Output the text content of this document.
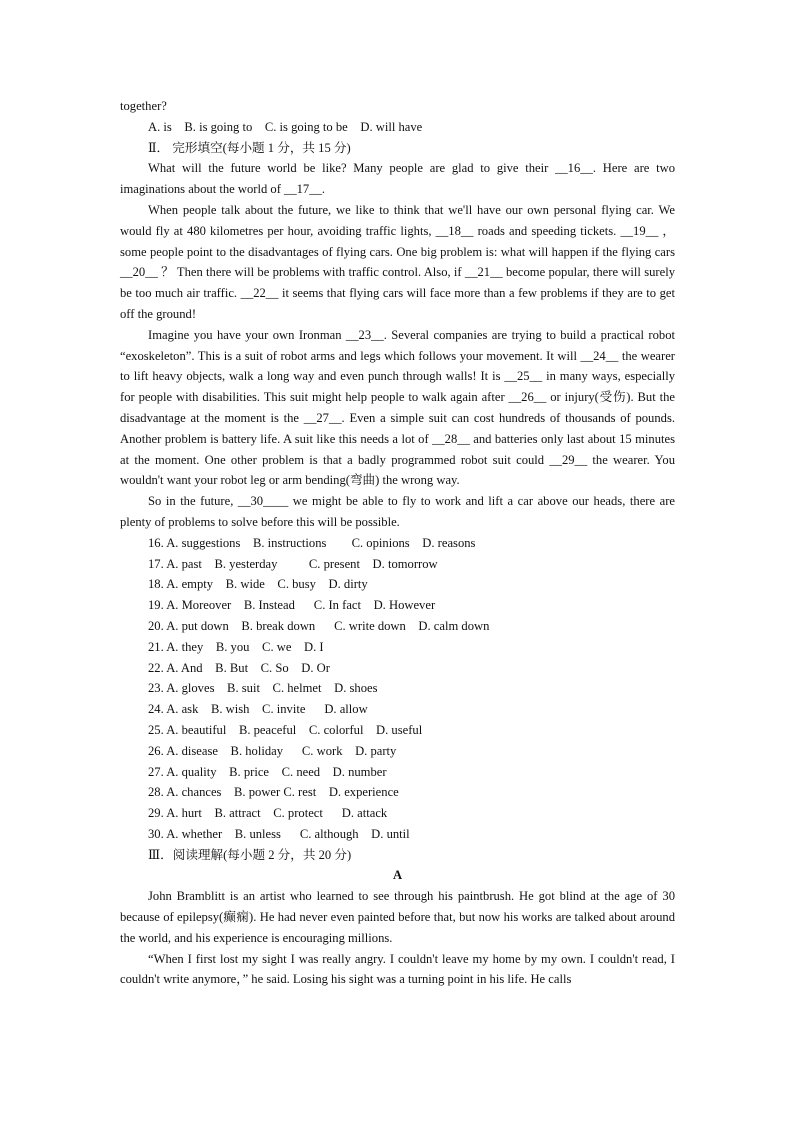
together?
A. is    B. is going to    C. is going to be    D. will have
Ⅱ． 完形填空(每小题 1 分，共 15 分)

What will the future world be like? Many people are glad to give their __16__. Here are two imaginations about the world of __17__.

When people talk about the future, we like to think that we'll have our own personal flying car. We would fly at 480 kilometres per hour, avoiding traffic lights, __18__ roads and speeding tickets. __19__ ， some people point to the disadvantages of flying cars. One big problem is: what will happen if the flying cars __20__ ？ Then there will be problems with traffic control. Also, if __21__ become popular, there will surely be too much air traffic. __22__ it seems that flying cars will face more than a few problems if they are to get off the ground!

Imagine you have your own Ironman __23__. Several companies are trying to build a practical robot “exoskeleton”. This is a suit of robot arms and legs which follows your movement. It will __24__ the wearer to lift heavy objects, walk a long way and even punch through walls! It is __25__ in many ways, especially for people with disabilities. This suit might help people to walk again after __26__ or injury(受伤). But the disadvantage at the moment is the __27__. Even a simple suit can cost hundreds of thousands of pounds. Another problem is battery life. A suit like this needs a lot of __28__ and batteries only last about 15 minutes at the moment. One other problem is that a badly programmed robot suit could __29__ the wearer. You wouldn't want your robot leg or arm bending(弯曲) the wrong way.

So in the future, __30____ we might be able to fly to work and lift a car above our heads, there are plenty of problems to solve before this will be possible.

16. A. suggestions    B. instructions        C. opinions    D. reasons
17. A. past    B. yesterday          C. present    D. tomorrow
18. A. empty    B. wide    C. busy    D. dirty
19. A. Moreover    B. Instead      C. In fact    D. However
20. A. put down    B. break down      C. write down    D. calm down
21. A. they    B. you    C. we    D. I
22. A. And    B. But    C. So    D. Or
23. A. gloves    B. suit    C. helmet    D. shoes
24. A. ask    B. wish    C. invite      D. allow
25. A. beautiful    B. peaceful    C. colorful    D. useful
26. A. disease    B. holiday      C. work    D. party
27. A. quality    B. price    C. need    D. number
28. A. chances    B. power C. rest    D. experience
29. A. hurt    B. attract    C. protect      D. attack
30. A. whether    B. unless      C. although    D. until
Ⅲ．阅读理解(每小题 2 分，共 20 分)
A

John Bramblitt is an artist who learned to see through his paintbrush. He got blind at the age of 30 because of epilepsy(癫痫). He had never even painted before that, but now his works are talked about around the world, and his experience is encouraging millions.

“When I first lost my sight I was really angry. I couldn't leave my home by my own. I couldn't read, I couldn't write anymore，” he said. Losing his sight was a turning point in his life. He calls
